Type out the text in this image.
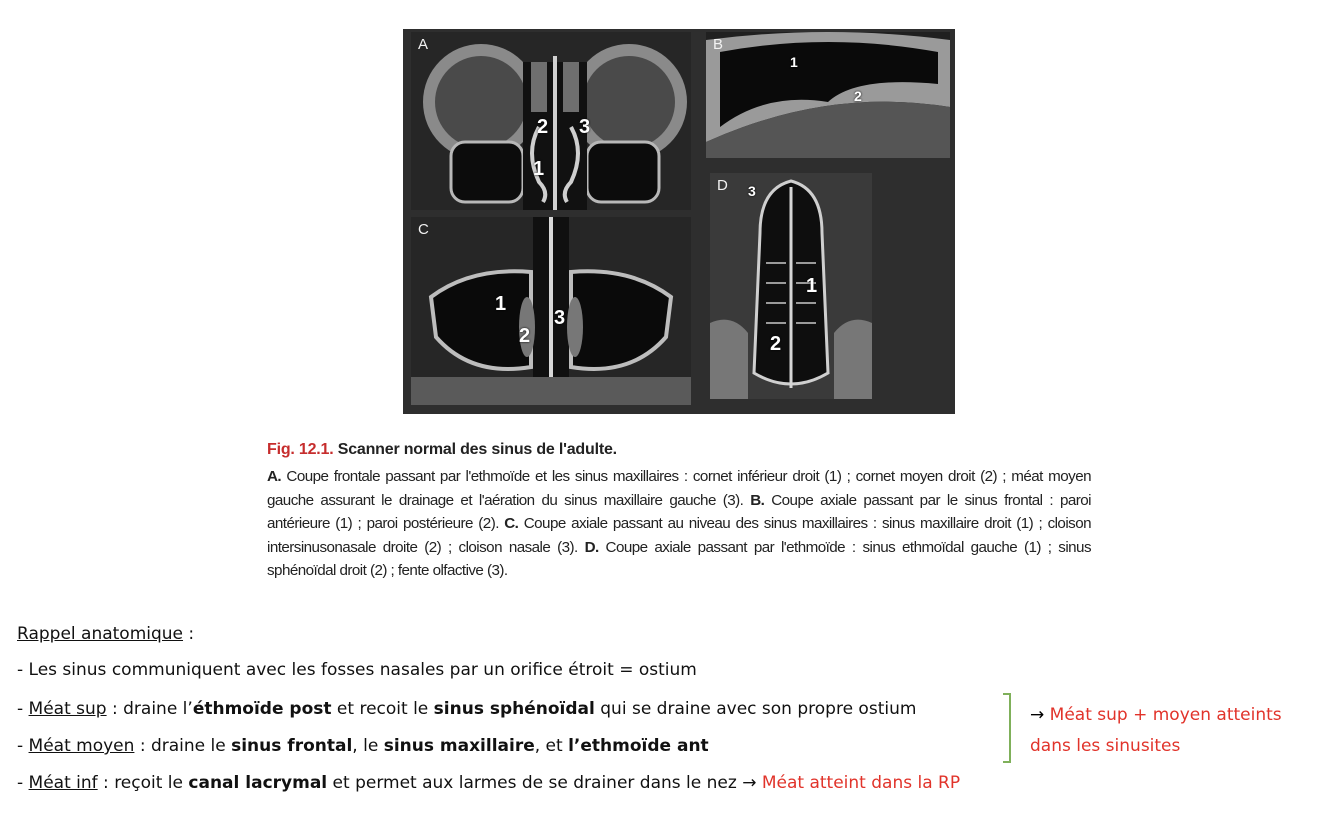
A
2 3
1
B
1
2
C
1
2
3
D 3
1
2
Fig. 12.1. Scanner normal des sinus de l'adulte.
A. Coupe frontale passant par l'ethmoïde et les sinus maxillaires : cornet inférieur droit (1) ; cornet moyen droit (2) ; méat moyen gauche assurant le drainage et l'aération du sinus maxillaire gauche (3). B. Coupe axiale passant par le sinus frontal : paroi antérieure (1) ; paroi postérieure (2). C. Coupe axiale passant au niveau des sinus maxillaires : sinus maxillaire droit (1) ; cloison intersinusonasale droite (2) ; cloison nasale (3). D. Coupe axiale passant par l'ethmoïde : sinus ethmoïdal gauche (1) ; sinus sphénoïdal droit (2) ; fente olfactive (3).
Rappel anatomique :
- Les sinus communiquent avec les fosses nasales par un orifice étroit = ostium
- Méat sup : draine l’éthmoïde post et recoit le sinus sphénoïdal qui se draine avec son propre ostium
- Méat moyen : draine le sinus frontal, le sinus maxillaire, et l’ethmoïde ant
- Méat inf : reçoit le canal lacrymal et permet aux larmes de se drainer dans le nez → Méat atteint dans la RP
→ Méat sup + moyen atteints
dans les sinusites
